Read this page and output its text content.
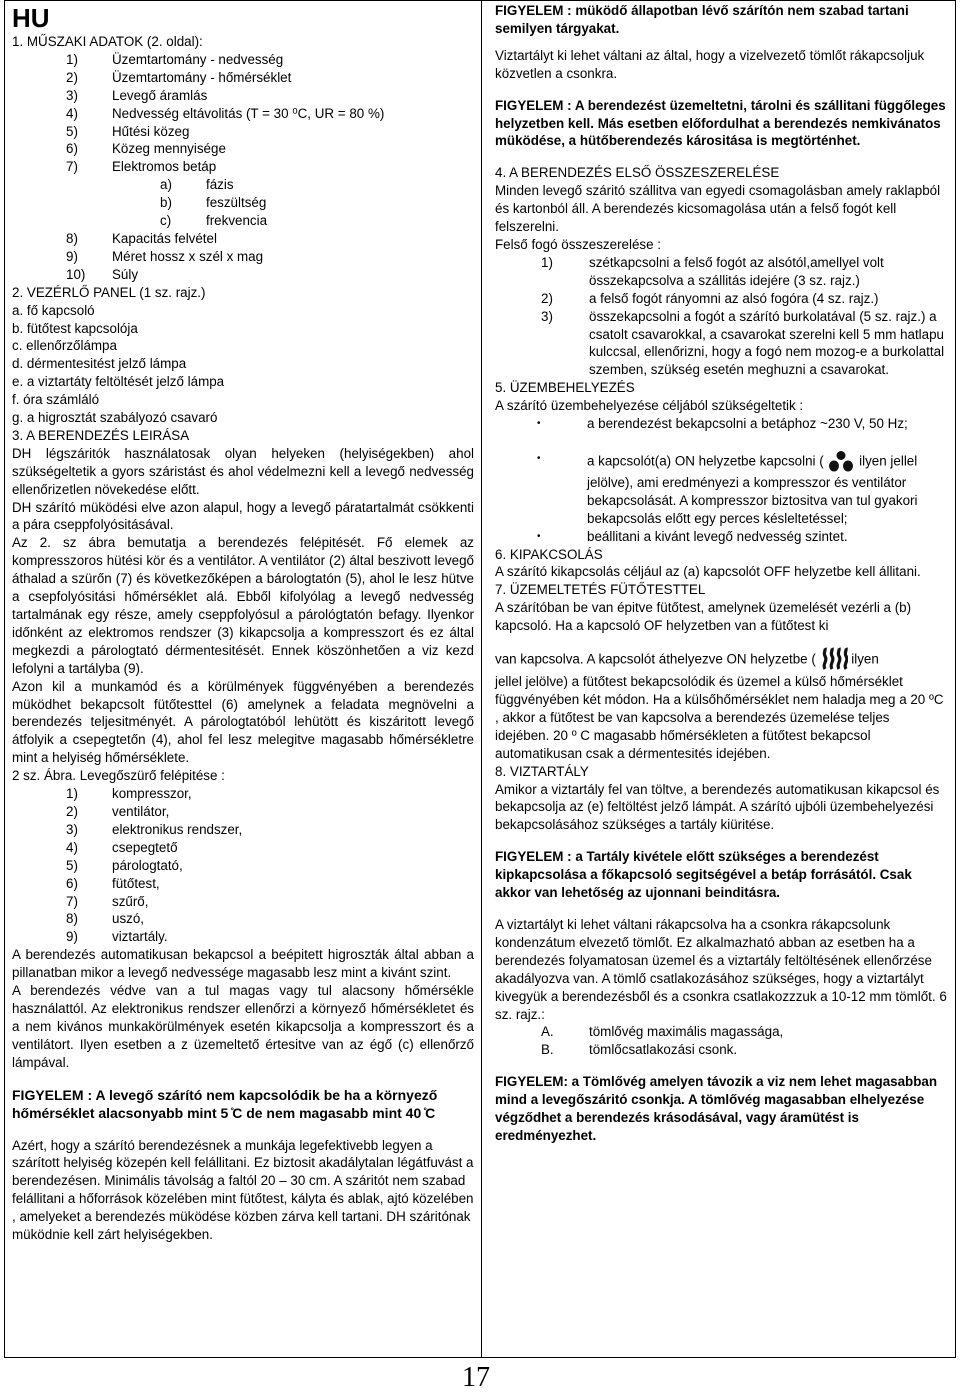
HU
1. MŰSZAKI ADATOK (2. oldal):
1)	Üzemtartomány - nedvesség
2)	Üzemtartomány - hőmérséklet
3)	Levegő áramlás
4)	Nedvesség eltávolitás (T = 30 ⁰C, UR = 80 %)
5)	Hűtési közeg
6)	Közeg mennyisége
7)	Elektromos betáp
a)	fázis
b)	feszültség
c)	frekvencia
8)	Kapacitás felvétel
9)	Méret hossz x szél x mag
10)	Súly
2. VEZÉRLŐ PANEL (1 sz. rajz.)
a. fő kapcsoló
b. fütőtest kapcsolója
c. ellenőrzőlámpa
d. dérmentesitést jelző lámpa
e. a viztartáty feltöltését jelző lámpa
f. óra számláló
g. a higrosztát szabályozó csavaró
3. A BERENDEZÉS LEIRÁSA

DH légszáritók használatosak olyan helyeken (helyiségekben) ahol szükségeltetik a gyors száristást és ahol védelmezni kell a levegő nedvesség ellenőrizetlen növekedése előtt.

DH szárító müködési elve azon alapul, hogy a levegő páratartalmát csökkenti a pára cseppfolyósitásával.

Az 2. sz ábra bemutatja a berendezés felépitését. Fő elemek az kompresszoros hütési kör és a ventilátor. A ventilátor (2) által beszivott levegő áthalad a szürőn (7) és következőképen a bárologtatón (5), ahol le lesz hütve a csepfolyósitási hőmérséklet alá. Ebből kifolyólag a levegő nedvesség tartalmának egy része, amely cseppfolyósul a párológtatón befagy. Ilyenkor időnként az elektromos rendszer (3) kikapcsolja a kompresszort és ez által megkezdi a párologtató dérmentesitését. Ennek köszönhetően a viz kezd lefolyni a tartályba (9).

Azon kil a munkamód és a körülmények függvényében a berendezés müködhet bekapcsolt fütőtesttel (6) amelynek a feladata megnövelni a berendezés teljesitményét. A párologtatóból lehütött és kiszáritott levegő átfolyik a csepegtetőn (4), ahol fel lesz melegitve magasabb hőmérsékletre mint a helyiség hőmérséklete.

2 sz. Ábra. Levegőszürő felépitése :
1)	kompresszor,
2)	ventilátor,
3)	elektronikus rendszer,
4)	csepegtető
5)	párologtató,
6)	fütőtest,
7)	szűrő,
8)	uszó,
9)	viztartály.

A berendezés automatikusan bekapcsol a beépitett higroszták által abban a pillanatban mikor a levegő nedvessége magasabb lesz mint a kivánt szint.

A berendezés védve van a tul magas vagy tul alacsony hőmérsékle használattól. Az elektronikus rendszer ellenőrzi a környező hőmérsékletet és a nem kivános munkakörülmények esetén kikapcsolja a kompresszort és a ventilátort. Ilyen esetben a z üzemeltető értesitve van az égő (c) ellenőrző lámpával.

FIGYELEM : A levegő szárító nem kapcsolódik be ha a környező hőmérséklet alacsonyabb mint 5 ̊C de nem magasabb mint 40 ̊C

Azért, hogy a szárító berendezésnek a munkája legefektivebb legyen a szárított helyiség közepén kell felállitani. Ez biztosit akadálytalan légátfuvást a berendezésen. Minimális távolság a faltól 20 – 30 cm. A száritót nem szabad felállitani a hőforrások közelében mint fütőtest, kályta és ablak, ajtó közelében , amelyeket a berendezés müködése közben zárva kell tartani. DH száritónak müködnie kell zárt helyiségekben.

FIGYELEM : müködő állapotban lévő szárítón nem szabad tartani semilyen tárgyakat.

Viztartályt ki lehet váltani az által, hogy a vizelvezető tömlőt rákapcsoljuk közvetlen a csonkra.

FIGYELEM : A berendezést üzemeltetni, tárolni és szállitani függőleges helyzetben kell. Más esetben előfordulhat a berendezés nemkivánatos müködése, a hütőberendezés kárositása is megtörténhet.

4. A BERENDEZÉS ELSŐ ÖSSZESZERELÉSE

Minden levegő száritó szállitva van egyedi csomagolásban amely raklapból és kartonból áll. A berendezés kicsomagolása után a felső fogót kell felszerelni.

Felső fogó összeszerelése :
1)	szétkapcsolni a felső fogót az alsótól,amellyel volt összekapcsolva a szállitás idejére (3 sz. rajz.)
2)	a felső fogót rányomni az alsó fogóra (4 sz. rajz.)
3)	összekapcsolni a fogót a szárító burkolatával (5 sz. rajz.) a csatolt csavarokkal, a csavarokat szerelni kell 5 mm hatlapu kulccsal, ellenőrizni, hogy a fogó nem mozog-e a burkolattal szemben, szükség esetén meghuzni a csavarokat.
5. ÜZEMBEHELYEZÉS
A szárító üzembehelyezése céljából szükségeltetik :
•	a berendezést bekapcsolni a betáphoz ~230 V, 50 Hz;
•	a kapcsolót(a) ON helyzetbe kapcsolni (	ilyen jellel jelölve), ami eredményezi a kompresszor és ventilátor bekapcsolását. A kompresszor biztositva van tul gyakori bekapcsolás előtt egy perces késleltetéssel;
•	beállitani a kivánt levegő nedvesség szintet.
6. KIPAKCSOLÁS

A szárító kikapcsolás céljául az (a) kapcsolót OFF helyzetbe kell állitani.

7. ÜZEMELTETÉS FÜTŐTESTTEL

A szárítóban be van épitve fütőtest, amelynek üzemelését vezérli a (b) kapcsoló. Ha a kapcsoló OF helyzetben van a fütőtest ki

van kapcsolva. A kapcsolót áthelyezve ON helyzetbe (	ilyen

jellel jelölve) a fütőtest bekapcsolódik és üzemel a külső hőmérséklet függvényében két módon. Ha a külsőhőmérséklet nem haladja meg a 20 ºC , akkor a fütőtest be van kapcsolva a berendezés üzemelése teljes idejében. 20 º C magasabb hőmérsékleten a fütőtest bekapcsol automatikusan csak a dérmentesités idejében.

8. VIZTARTÁLY

Amikor a viztartály fel van töltve, a berendezés automatikusan kikapcsol és bekapcsolja az (e) feltöltést jelző lámpát. A szárító ujbóli üzembehelyezési bekapcsolásához szükséges a tartály kiüritése.

FIGYELEM : a Tartály kivétele előtt szükséges a berendezést kipkapcsolása a főkapcsoló segitségével a betáp forrásától. Csak akkor van lehetőség az ujonnani beinditásra.

A viztartályt ki lehet váltani rákapcsolva ha a csonkra rákapcsolunk kondenzátum elvezető tömlőt. Ez alkalmazható abban az esetben ha a berendezés folyamatosan üzemel és a viztartály feltöltésének ellenőrzése akadályozva van. A tömlő csatlakozásához szükséges, hogy a viztartályt kivegyük a berendezésből és a csonkra csatlakozzzuk a 10-12 mm tömlőt. 6 sz. rajz.:

A.	tömlővég maximális magassága,
B.	tömlőcsatlakozási csonk.

FIGYELEM: a Tömlővég amelyen távozik a viz nem lehet magasabban mind a levegőszáritó csonkja. A tömlővég magasabban elhelyezése végződhet a berendezés krásodásával, vagy áramütést is eredményezhet.

17
